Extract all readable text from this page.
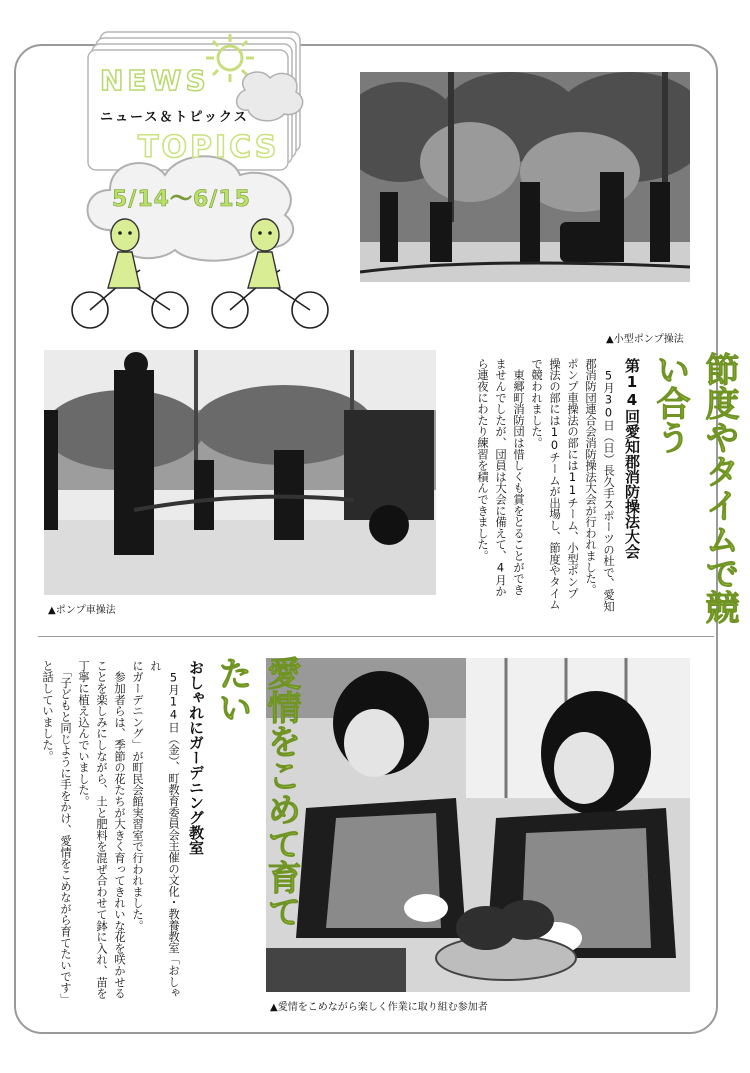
NEWS
ニュース＆トピックス
TOPICS
5/14〜6/15
▲小型ポンプ操法
▲ポンプ車操法	節度やタイムで競い合う
第14回愛知郡消防操法大会
　5月30日（日）長久手スポーツの杜で、愛知
郡消防団連合会消防操法大会が行われました。
ポンプ車操法の部には11チーム、小型ポンプ
操法の部には10チームが出場し、節度やタイム
で競われました。
　東郷町消防団は惜しくも賞をとることができ
ませんでしたが、団員は大会に備えて、4月か
ら連夜にわたり練習を積んできました。
▲愛情をこめながら楽しく作業に取り組む参加者
愛情をこめて育てたい
おしゃれにガーデニング教室
　5月14日（金）、町教育委員会主催の文化・教養教室「おしゃれ
にガーデニング」が町民会館実習室で行われました。
　参加者らは、季節の花たちが大きく育ってきれいな花を咲かせる
ことを楽しみにしながら、土と肥料を混ぜ合わせて鉢に入れ、苗を
丁寧に植え込んでいました。
　「子どもと同じように手をかけ、愛情をこめながら育てたいです」
と話していました。
